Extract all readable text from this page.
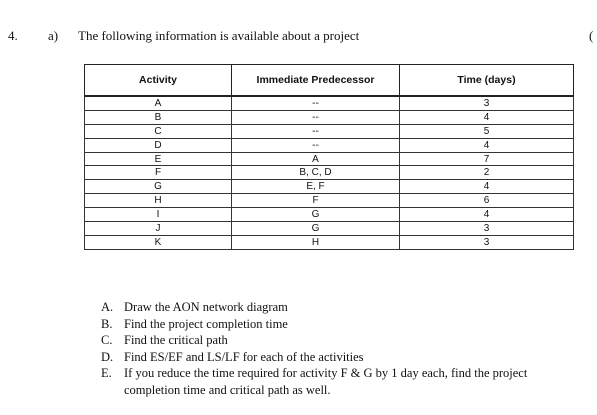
4. a) The following information is available about a project	(
Activity	Immediate Predecessor	Time (days)
A	--	3
B	--	4
C	--	5
D	--	4
E	A	7
F	B, C, D	2
G	E, F	4
H	F	6
I	G	4
J	G	3
K	H	3
A. Draw the AON network diagram
B. Find the project completion time
C. Find the critical path
D. Find ES/EF and LS/LF for each of the activities
E. If you reduce the time required for activity F & G by 1 day each, find the project completion time and critical path as well.
